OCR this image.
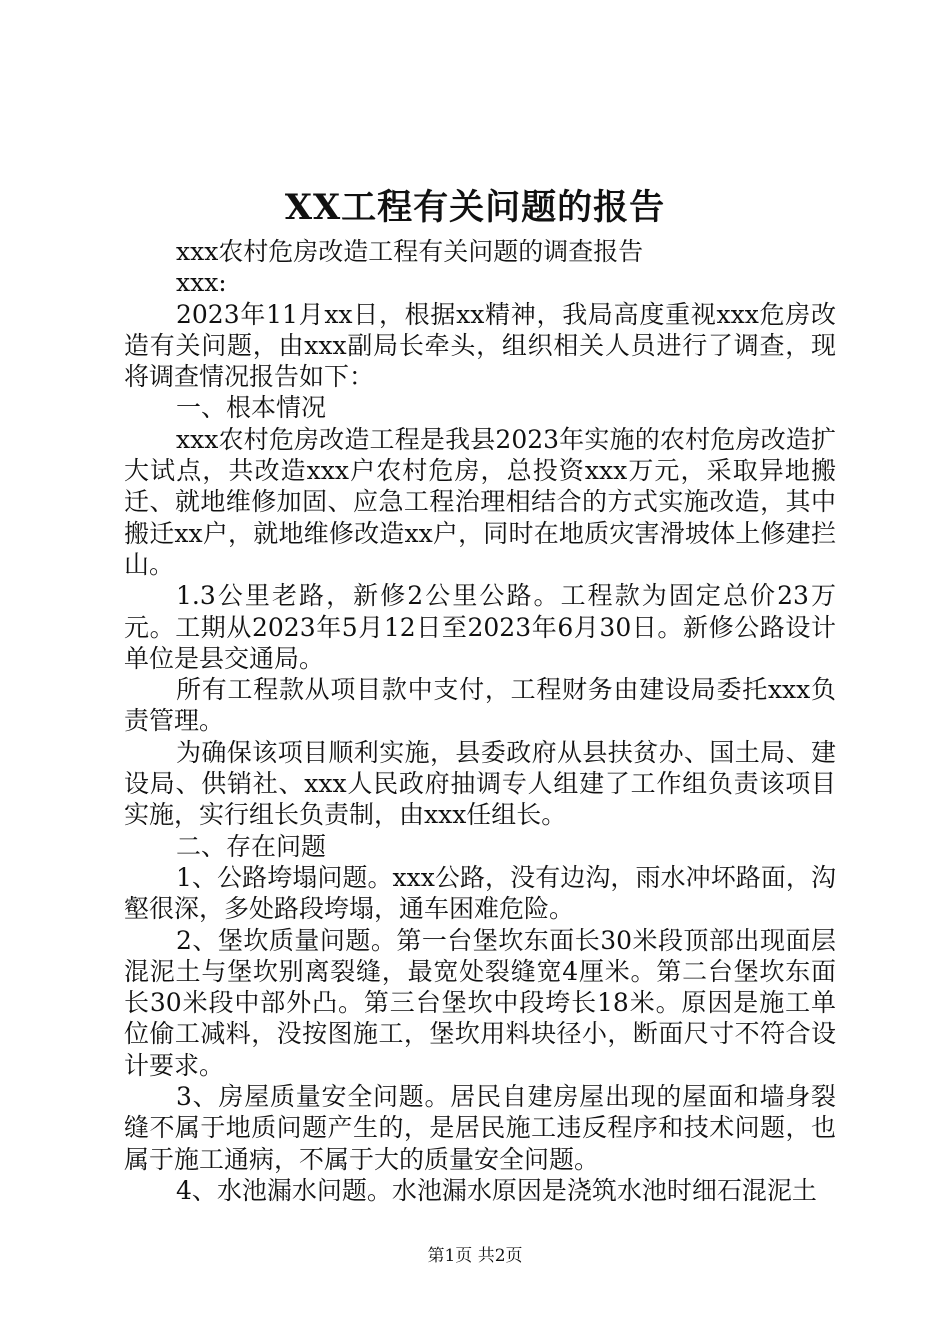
XX工程有关问题的报告

xxx农村危房改造工程有关问题的调查报告

xxx:

2023年11月xx日，根据xx精神，我局高度重视xxx危房改造有关问题，由xxx副局长牵头，组织相关人员进行了调查，现将调查情况报告如下：

一、根本情况

xxx农村危房改造工程是我县2023年实施的农村危房改造扩大试点，共改造xxx户农村危房，总投资xxx万元，采取异地搬迁、就地维修加固、应急工程治理相结合的方式实施改造，其中搬迁xx户，就地维修改造xx户，同时在地质灾害滑坡体上修建拦山。

1.3公里老路，新修2公里公路。工程款为固定总价23万元。工期从2023年5月12日至2023年6月30日。新修公路设计单位是县交通局。

所有工程款从项目款中支付，工程财务由建设局委托xxx负责管理。

为确保该项目顺利实施，县委政府从县扶贫办、国土局、建设局、供销社、xxx人民政府抽调专人组建了工作组负责该项目实施，实行组长负责制，由xxx任组长。

二、存在问题

1、公路垮塌问题。xxx公路，没有边沟，雨水冲坏路面，沟壑很深，多处路段垮塌，通车困难危险。

2、堡坎质量问题。第一台堡坎东面长30米段顶部出现面层混泥土与堡坎别离裂缝，最宽处裂缝宽4厘米。第二台堡坎东面长30米段中部外凸。第三台堡坎中段垮长18米。原因是施工单位偷工减料，没按图施工，堡坎用料块径小，断面尺寸不符合设计要求。

3、房屋质量安全问题。居民自建房屋出现的屋面和墙身裂缝不属于地质问题产生的，是居民施工违反程序和技术问题，也属于施工通病，不属于大的质量安全问题。

4、水池漏水问题。水池漏水原因是浇筑水池时细石混泥土

第1页 共2页
